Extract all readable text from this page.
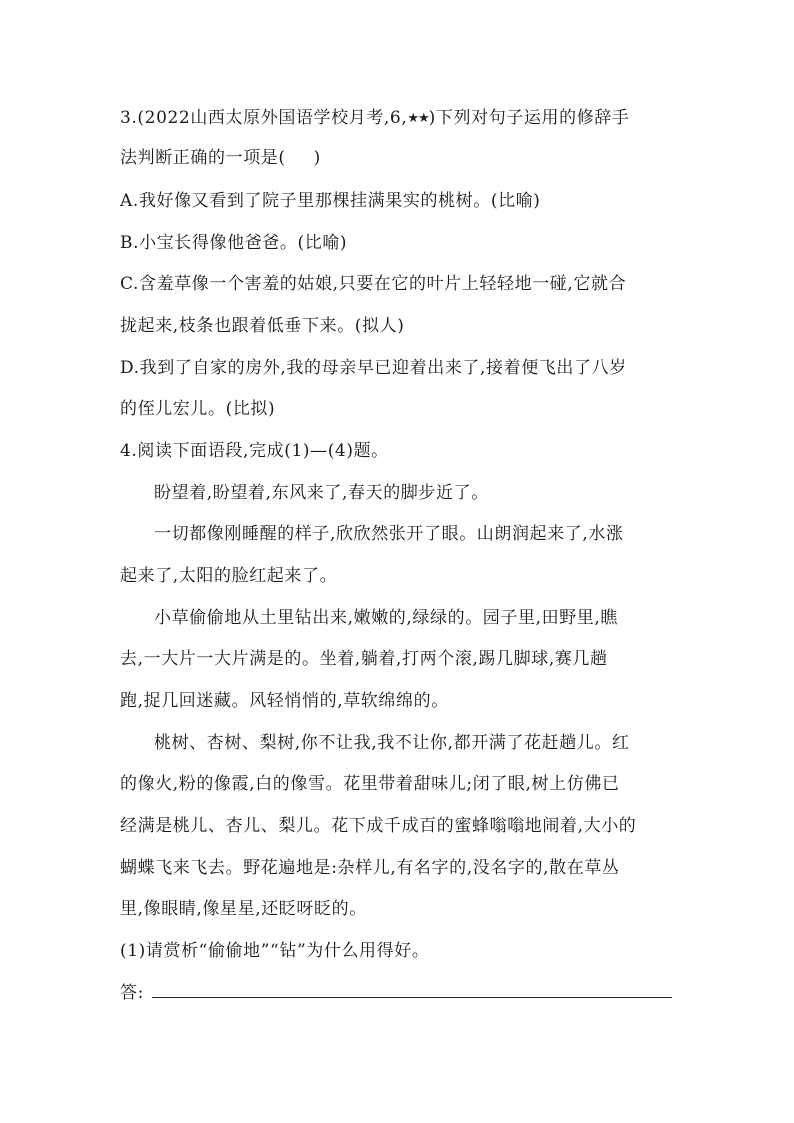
3.(2022山西太原外国语学校月考,6,★★)下列对句子运用的修辞手
法判断正确的一项是( )
A.我好像又看到了院子里那棵挂满果实的桃树。(比喻)
B.小宝长得像他爸爸。(比喻)
C.含羞草像一个害羞的姑娘,只要在它的叶片上轻轻地一碰,它就合
拢起来,枝条也跟着低垂下来。(拟人)
D.我到了自家的房外,我的母亲早已迎着出来了,接着便飞出了八岁
的侄儿宏儿。(比拟)
4.阅读下面语段,完成(1)—(4)题。
盼望着,盼望着,东风来了,春天的脚步近了。
一切都像刚睡醒的样子,欣欣然张开了眼。山朗润起来了,水涨
起来了,太阳的脸红起来了。
小草偷偷地从土里钻出来,嫩嫩的,绿绿的。园子里,田野里,瞧
去,一大片一大片满是的。坐着,躺着,打两个滚,踢几脚球,赛几趟
跑,捉几回迷藏。风轻悄悄的,草软绵绵的。
桃树、杏树、梨树,你不让我,我不让你,都开满了花赶趟儿。红
的像火,粉的像霞,白的像雪。花里带着甜味儿;闭了眼,树上仿佛已
经满是桃儿、杏儿、梨儿。花下成千成百的蜜蜂嗡嗡地闹着,大小的
蝴蝶飞来飞去。野花遍地是:杂样儿,有名字的,没名字的,散在草丛
里,像眼睛,像星星,还眨呀眨的。
(1)请赏析“偷偷地”“钻”为什么用得好。
答:
